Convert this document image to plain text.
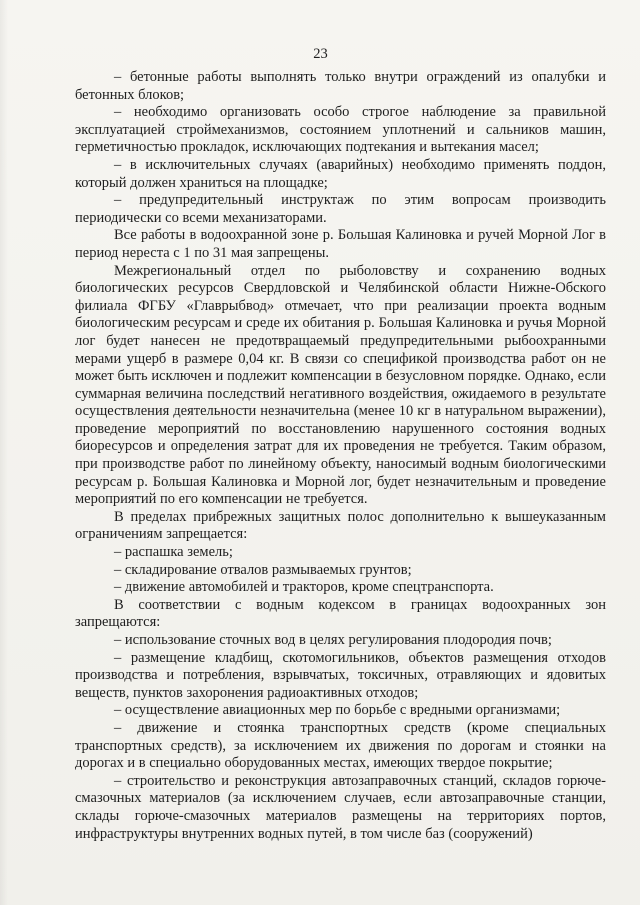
23

– бетонные работы выполнять только внутри ограждений из опалубки и бетонных блоков;

– необходимо организовать особо строгое наблюдение за правильной эксплуатацией строймеханизмов, состоянием уплотнений и сальников машин, герметичностью прокладок, исключающих подтекания и вытекания масел;

– в исключительных случаях (аварийных) необходимо применять поддон, который должен храниться на площадке;

– предупредительный инструктаж по этим вопросам производить периодически со всеми механизаторами.

Все работы в водоохранной зоне р. Большая Калиновка и ручей Морной Лог в период нереста с 1 по 31 мая запрещены.

Межрегиональный отдел по рыболовству и сохранению водных биологических ресурсов Свердловской и Челябинской области Нижне-Обского филиала ФГБУ «Главрыбвод» отмечает, что при реализации проекта водным биологическим ресурсам и среде их обитания р. Большая Калиновка и ручья Морной лог будет нанесен не предотвращаемый предупредительными рыбоохранными мерами ущерб в размере 0,04 кг. В связи со спецификой производства работ он не может быть исключен и подлежит компенсации в безусловном порядке. Однако, если суммарная величина последствий негативного воздействия, ожидаемого в результате осуществления деятельности незначительна (менее 10 кг в натуральном выражении), проведение мероприятий по восстановлению нарушенного состояния водных биоресурсов и определения затрат для их проведения не требуется. Таким образом, при производстве работ по линейному объекту, наносимый водным биологическими ресурсам р. Большая Калиновка и Морной лог, будет незначительным и проведение мероприятий по его компенсации не требуется.

В пределах прибрежных защитных полос дополнительно к вышеуказанным ограничениям запрещается:

– распашка земель;

– складирование отвалов размываемых грунтов;

– движение автомобилей и тракторов, кроме спецтранспорта.

В соответствии с водным кодексом в границах водоохранных зон запрещаются:

– использование сточных вод в целях регулирования плодородия почв;

– размещение кладбищ, скотомогильников, объектов размещения отходов производства и потребления, взрывчатых, токсичных, отравляющих и ядовитых веществ, пунктов захоронения радиоактивных отходов;

– осуществление авиационных мер по борьбе с вредными организмами;

– движение и стоянка транспортных средств (кроме специальных транспортных средств), за исключением их движения по дорогам и стоянки на дорогах и в специально оборудованных местах, имеющих твердое покрытие;

– строительство и реконструкция автозаправочных станций, складов горюче-смазочных материалов (за исключением случаев, если автозаправочные станции, склады горюче-смазочных материалов размещены на территориях портов, инфраструктуры внутренних водных путей, в том числе баз (сооружений)
